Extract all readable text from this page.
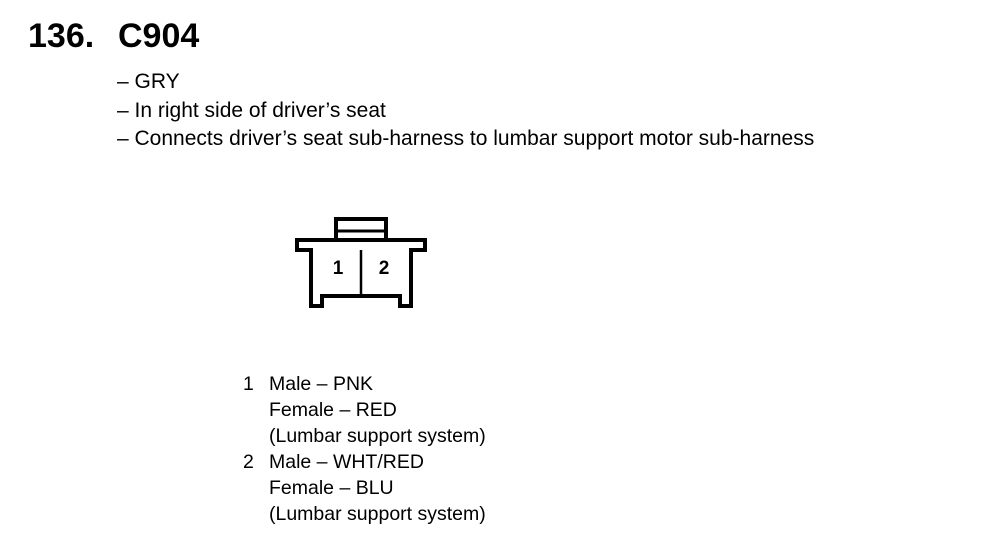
136. C904
– GRY
– In right side of driver’s seat
– Connects driver’s seat sub-harness to lumbar support motor sub-harness
1 2
1 Male – PNK
Female – RED
(Lumbar support system)
2 Male – WHT/RED
Female – BLU
(Lumbar support system)
